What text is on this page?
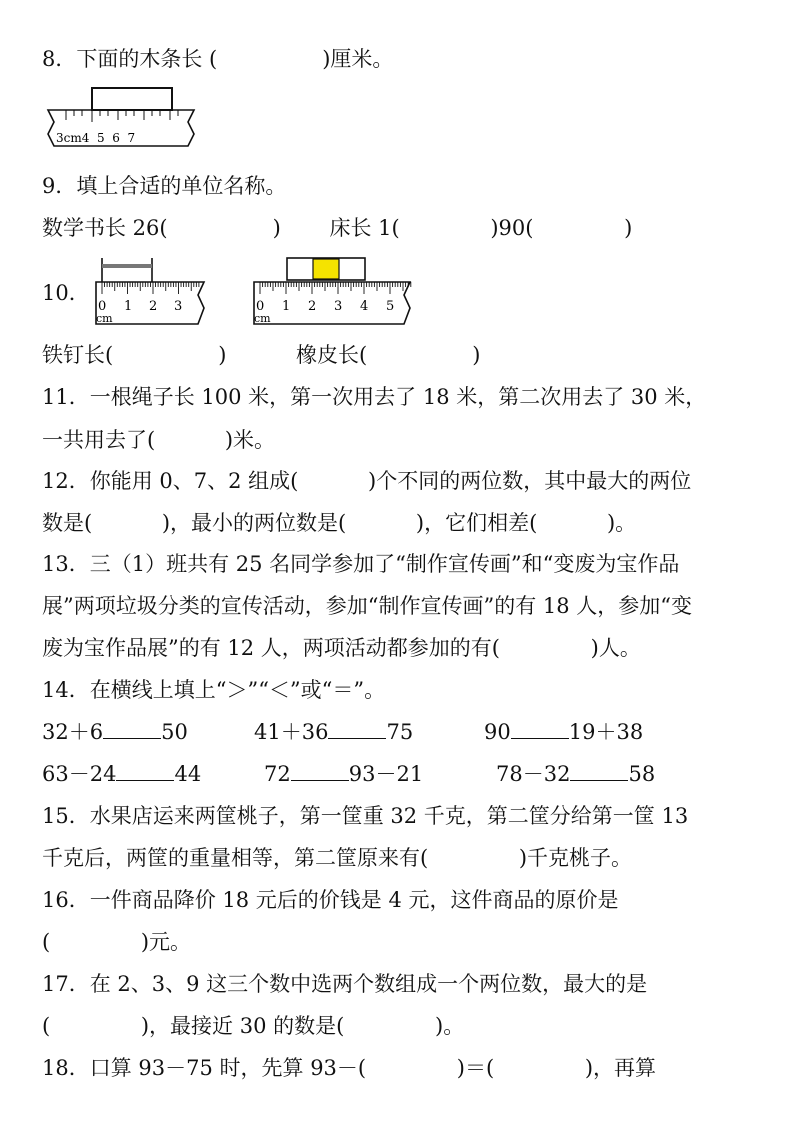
8．下面的木条长 (　　　　　)厘米。
3cm4  5  6  7
9．填上合适的单位名称。
数学书长 26(　　　　　)　　 床长 1(　　　　 )90(　　　　 )
10．
0 1 2 3
cm
0 1 2 3 4 5
cm
铁钉长(　　　　　)　　　 橡皮长(　　　　　)
11．一根绳子长 100 米，第一次用去了 18 米，第二次用去了 30 米，
一共用去了(　　　 )米。
12．你能用 0、7、2 组成(　　　 )个不同的两位数，其中最大的两位
数是(　　　 )，最小的两位数是(　　　 )，它们相差(　　　 )。
13．三（1）班共有 25 名同学参加了“制作宣传画”和“变废为宝作品
展”两项垃圾分类的宣传活动，参加“制作宣传画”的有 18 人，参加“变
废为宝作品展”的有 12 人，两项活动都参加的有(　　　　 )人。
14．在横线上填上“＞”“＜”或“＝”。
32＋6	50	41＋36	75	90	19＋38
63－24	44	72	93－21	78－32	58
15．水果店运来两筐桃子，第一筐重 32 千克，第二筐分给第一筐 13
千克后，两筐的重量相等，第二筐原来有(　　　　 )千克桃子。
16．一件商品降价 18 元后的价钱是 4 元，这件商品的原价是
(　　　　 )元。
17．在 2、3、9 这三个数中选两个数组成一个两位数，最大的是
(　　　　 )，最接近 30 的数是(　　　　 )。
18．口算 93－75 时，先算 93－(　　　　 )＝(　　　　 )，再算
